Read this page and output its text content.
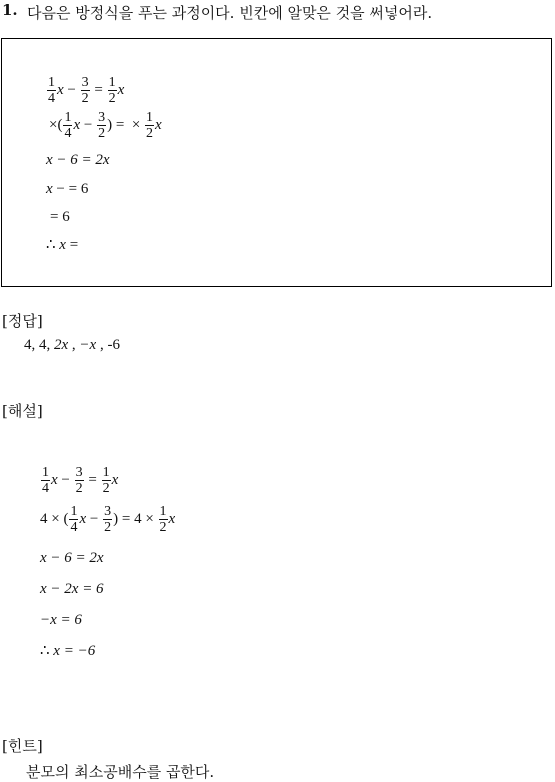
1. 다음은 방정식을 푸는 과정이다. 빈칸에 알맞은 것을 써넣어라.
$\frac{1}{4}$ $x - \frac{3}{2} = \frac{1}{2}$ x
×( $\frac{1}{4}$ $x - \frac{3}{2}$ ) = × $\frac{1}{2}$ x
x − 6 = 2x
x − = 6
= 6
∴ x =
[정답]
4, 4, 2x , −x , -6
[해설]
$\frac{1}{4}$ $x - \frac{3}{2} = \frac{1}{2}$ x
4 × ( $\frac{1}{4}$ $x - \frac{3}{2}$ ) = $4 \times \frac{1}{2}$ x
x − 6 = 2x
x − 2x = 6
−x = 6
∴ x = −6
[힌트]
분모의 최소공배수를 곱한다.
